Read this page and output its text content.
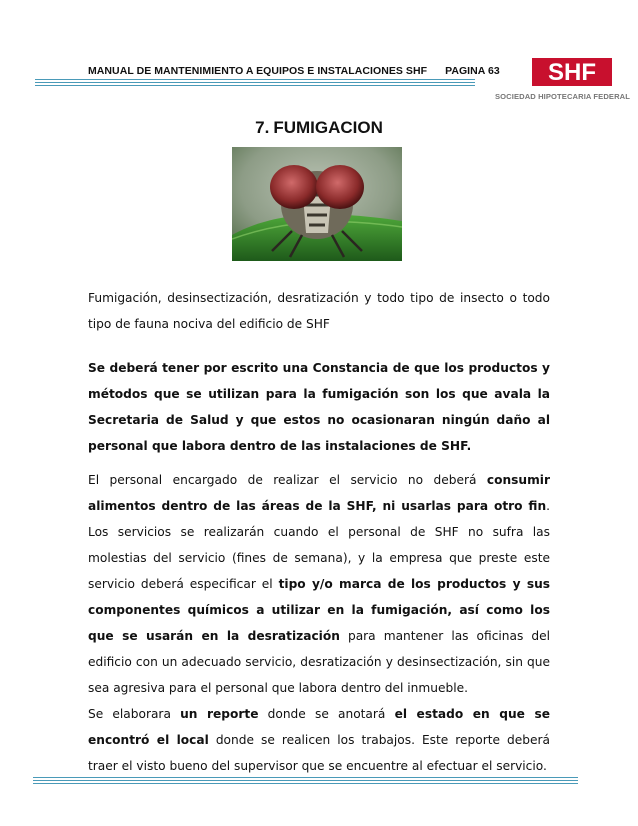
MANUAL DE MANTENIMIENTO A EQUIPOS E INSTALACIONES SHF PAGINA 63 SHF
SOCIEDAD HIPOTECARIA FEDERAL
7. FUMIGACION

Fumigación, desinsectización, desratización y todo tipo de insecto o todo tipo de fauna nociva del edificio de SHF

Se deberá tener por escrito una Constancia de que los productos y métodos que se utilizan para la fumigación son los que avala la Secretaria de Salud y que estos no ocasionaran ningún daño al personal que labora dentro de las instalaciones de SHF.

El personal encargado de realizar el servicio no deberá consumir alimentos dentro de las áreas de la SHF, ni usarlas para otro fin. Los servicios se realizarán cuando el personal de SHF no sufra las molestias del servicio (fines de semana), y la empresa que preste este servicio deberá especificar el tipo y/o marca de los productos y sus componentes químicos a utilizar en la fumigación, así como los que se usarán en la desratización para mantener las oficinas del edificio con un adecuado servicio, desratización y desinsectización, sin que sea agresiva para el personal que labora dentro del inmueble.
Se elaborara un reporte donde se anotará el estado en que se encontró el local donde se realicen los trabajos. Este reporte deberá traer el visto bueno del supervisor que se encuentre al efectuar el servicio.
